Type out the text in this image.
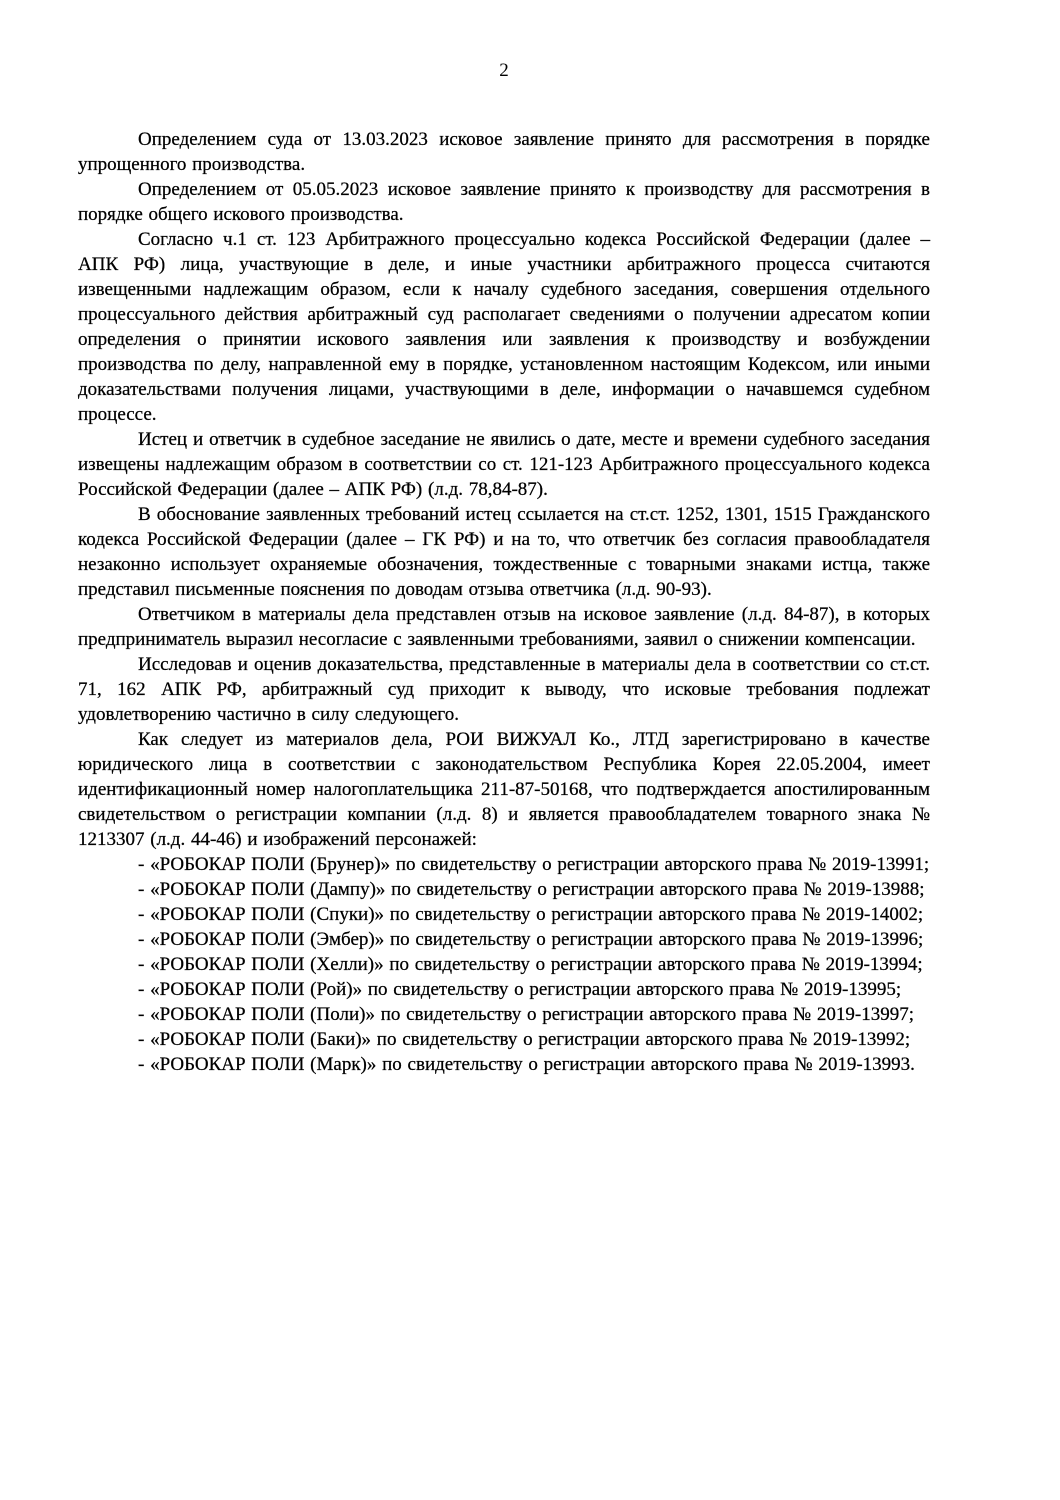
2

Определением суда от 13.03.2023 исковое заявление принято для рассмотрения в порядке упрощенного производства.

Определением от 05.05.2023 исковое заявление принято к производству для рассмотрения в порядке общего искового производства.

Согласно ч.1 ст. 123 Арбитражного процессуально кодекса Российской Федерации (далее – АПК РФ) лица, участвующие в деле, и иные участники арбитражного процесса считаются извещенными надлежащим образом, если к началу судебного заседания, совершения отдельного процессуального действия арбитражный суд располагает сведениями о получении адресатом копии определения о принятии искового заявления или заявления к производству и возбуждении производства по делу, направленной ему в порядке, установленном настоящим Кодексом, или иными доказательствами получения лицами, участвующими в деле, информации о начавшемся судебном процессе.

Истец и ответчик в судебное заседание не явились о дате, месте и времени судебного заседания извещены надлежащим образом в соответствии со ст. 121-123 Арбитражного процессуального кодекса Российской Федерации (далее – АПК РФ) (л.д. 78,84-87).

В обоснование заявленных требований истец ссылается на ст.ст. 1252, 1301, 1515 Гражданского кодекса Российской Федерации (далее – ГК РФ) и на то, что ответчик без согласия правообладателя незаконно использует охраняемые обозначения, тождественные с товарными знаками истца, также представил письменные пояснения по доводам отзыва ответчика (л.д. 90-93).

Ответчиком в материалы дела представлен отзыв на исковое заявление (л.д. 84-87), в которых предприниматель выразил несогласие с заявленными требованиями, заявил о снижении компенсации.

Исследовав и оценив доказательства, представленные в материалы дела в соответствии со ст.ст. 71, 162 АПК РФ, арбитражный суд приходит к выводу, что исковые требования подлежат удовлетворению частично в силу следующего.

Как следует из материалов дела, РОИ ВИЖУАЛ Ко., ЛТД зарегистрировано в качестве юридического лица в соответствии с законодательством Республика Корея 22.05.2004, имеет идентификационный номер налогоплательщика 211-87-50168, что подтверждается апостилированным свидетельством о регистрации компании (л.д. 8) и является правообладателем товарного знака № 1213307 (л.д. 44-46) и изображений персонажей:

- «РОБОКАР ПОЛИ (Брунер)» по свидетельству о регистрации авторского права № 2019-13991;

- «РОБОКАР ПОЛИ (Дампу)» по свидетельству о регистрации авторского права № 2019-13988;

- «РОБОКАР ПОЛИ (Спуки)» по свидетельству о регистрации авторского права № 2019-14002;

- «РОБОКАР ПОЛИ (Эмбер)» по свидетельству о регистрации авторского права № 2019-13996;

- «РОБОКАР ПОЛИ (Хелли)» по свидетельству о регистрации авторского права № 2019-13994;

- «РОБОКАР ПОЛИ (Рой)» по свидетельству о регистрации авторского права № 2019-13995;

- «РОБОКАР ПОЛИ (Поли)» по свидетельству о регистрации авторского права № 2019-13997;

- «РОБОКАР ПОЛИ (Баки)» по свидетельству о регистрации авторского права № 2019-13992;

- «РОБОКАР ПОЛИ (Марк)» по свидетельству о регистрации авторского права № 2019-13993.
